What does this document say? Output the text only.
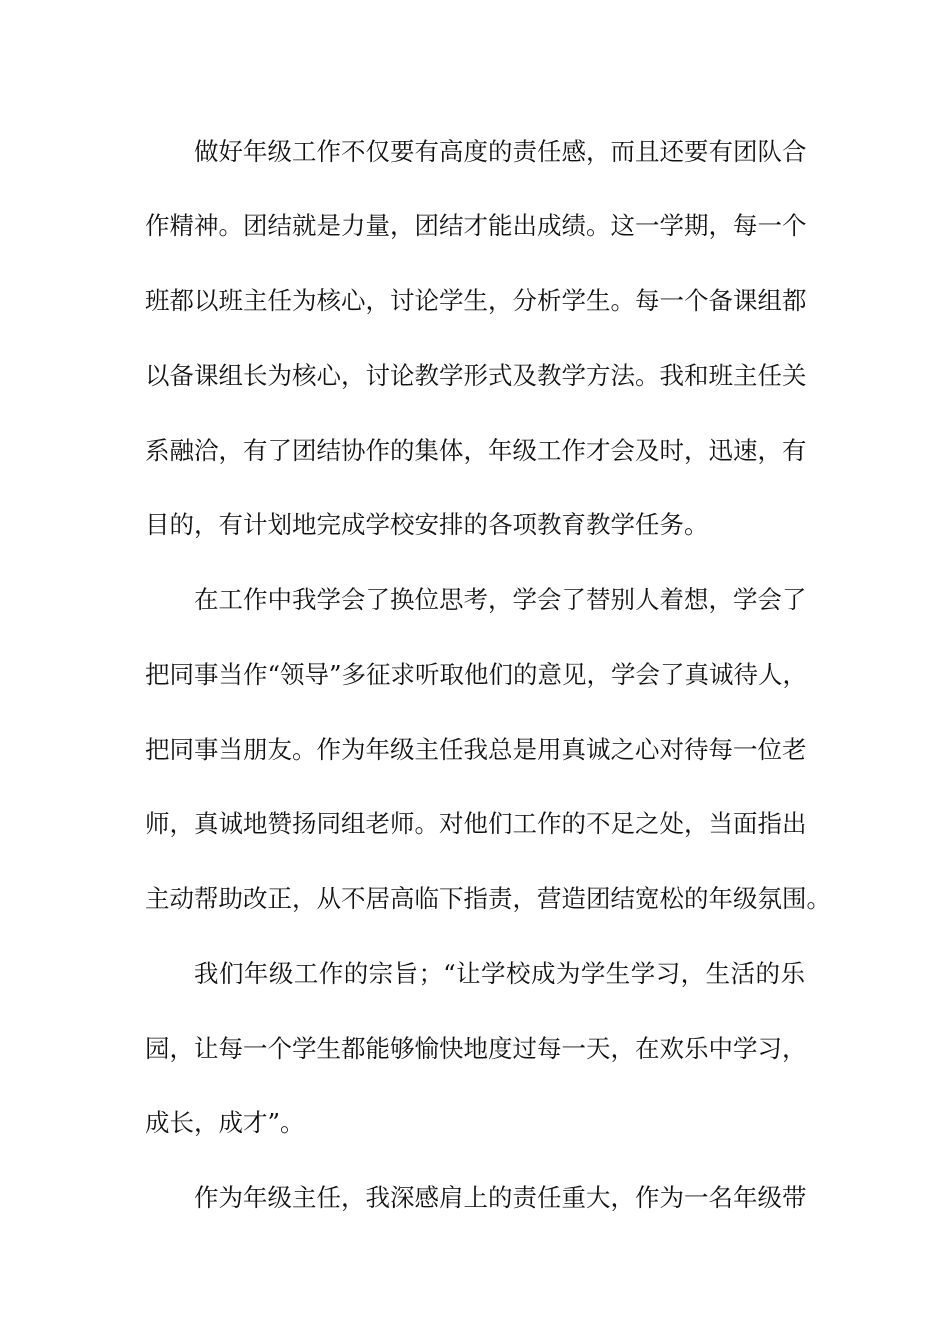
做好年级工作不仅要有高度的责任感，而且还要有团队合
作精神。团结就是力量，团结才能出成绩。这一学期，每一个
班都以班主任为核心，讨论学生，分析学生。每一个备课组都
以备课组长为核心，讨论教学形式及教学方法。我和班主任关
系融洽，有了团结协作的集体，年级工作才会及时，迅速，有
目的，有计划地完成学校安排的各项教育教学任务。
在工作中我学会了换位思考，学会了替别人着想，学会了
把同事当作“领导”多征求听取他们的意见，学会了真诚待人，
把同事当朋友。作为年级主任我总是用真诚之心对待每一位老
师，真诚地赞扬同组老师。对他们工作的不足之处，当面指出
主动帮助改正，从不居高临下指责，营造团结宽松的年级氛围。
我们年级工作的宗旨；“让学校成为学生学习，生活的乐
园，让每一个学生都能够愉快地度过每一天，在欢乐中学习，
成长，成才”。
作为年级主任，我深感肩上的责任重大，作为一名年级带
